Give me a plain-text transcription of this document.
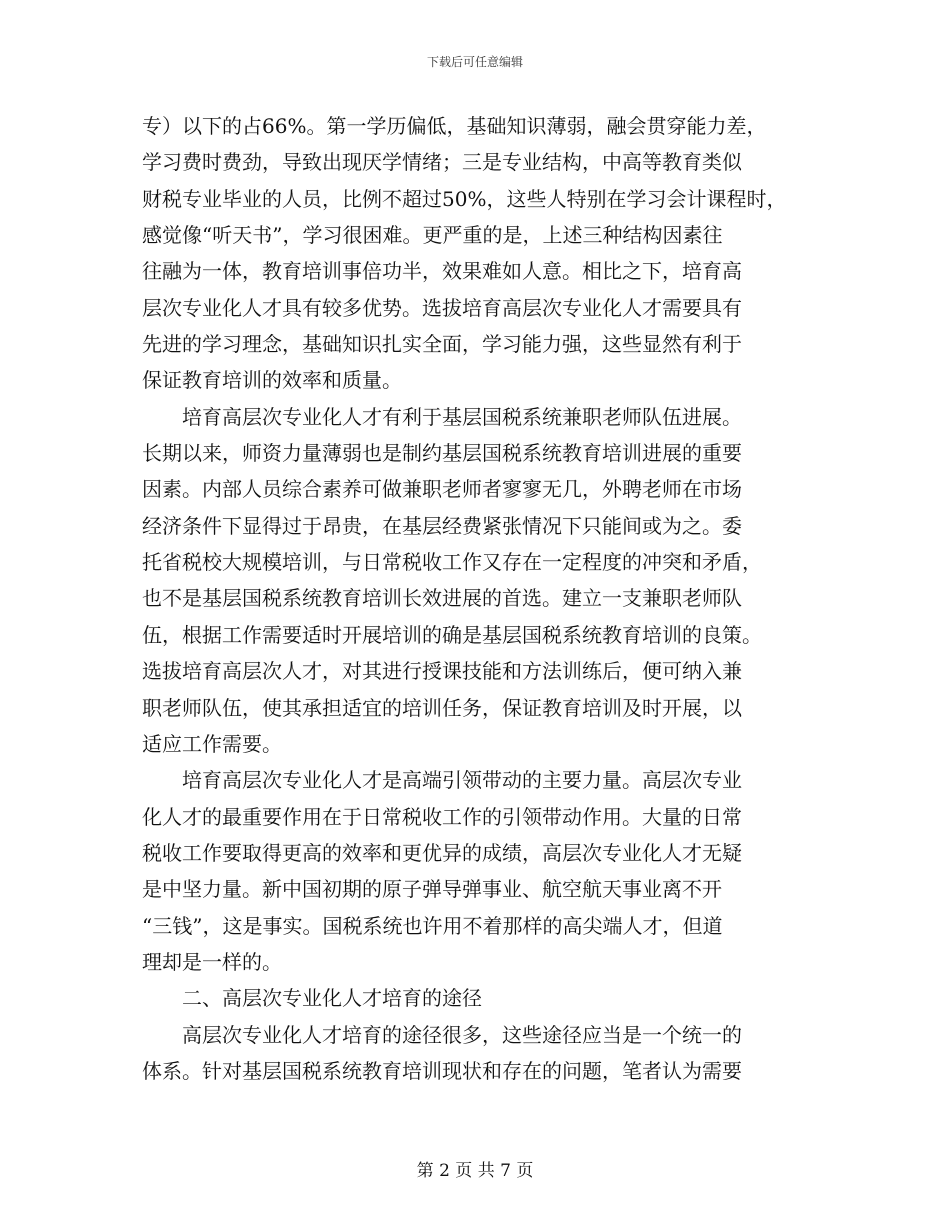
下载后可任意编辑
专）以下的占66%。第一学历偏低，基础知识薄弱，融会贯穿能力差，
学习费时费劲，导致出现厌学情绪；三是专业结构，中高等教育类似
财税专业毕业的人员，比例不超过50%，这些人特别在学习会计课程时，
感觉像“听天书”，学习很困难。更严重的是，上述三种结构因素往
往融为一体，教育培训事倍功半，效果难如人意。相比之下，培育高
层次专业化人才具有较多优势。选拔培育高层次专业化人才需要具有
先进的学习理念，基础知识扎实全面，学习能力强，这些显然有利于
保证教育培训的效率和质量。
　　培育高层次专业化人才有利于基层国税系统兼职老师队伍进展。
长期以来，师资力量薄弱也是制约基层国税系统教育培训进展的重要
因素。内部人员综合素养可做兼职老师者寥寥无几，外聘老师在市场
经济条件下显得过于昂贵，在基层经费紧张情况下只能间或为之。委
托省税校大规模培训，与日常税收工作又存在一定程度的冲突和矛盾，
也不是基层国税系统教育培训长效进展的首选。建立一支兼职老师队
伍，根据工作需要适时开展培训的确是基层国税系统教育培训的良策。
选拔培育高层次人才，对其进行授课技能和方法训练后，便可纳入兼
职老师队伍，使其承担适宜的培训任务，保证教育培训及时开展，以
适应工作需要。
　　培育高层次专业化人才是高端引领带动的主要力量。高层次专业
化人才的最重要作用在于日常税收工作的引领带动作用。大量的日常
税收工作要取得更高的效率和更优异的成绩，高层次专业化人才无疑
是中坚力量。新中国初期的原子弹导弹事业、航空航天事业离不开
“三钱”，这是事实。国税系统也许用不着那样的高尖端人才，但道
理却是一样的。
　　二、高层次专业化人才培育的途径
　　高层次专业化人才培育的途径很多，这些途径应当是一个统一的
体系。针对基层国税系统教育培训现状和存在的问题，笔者认为需要
第 2 页 共 7 页
